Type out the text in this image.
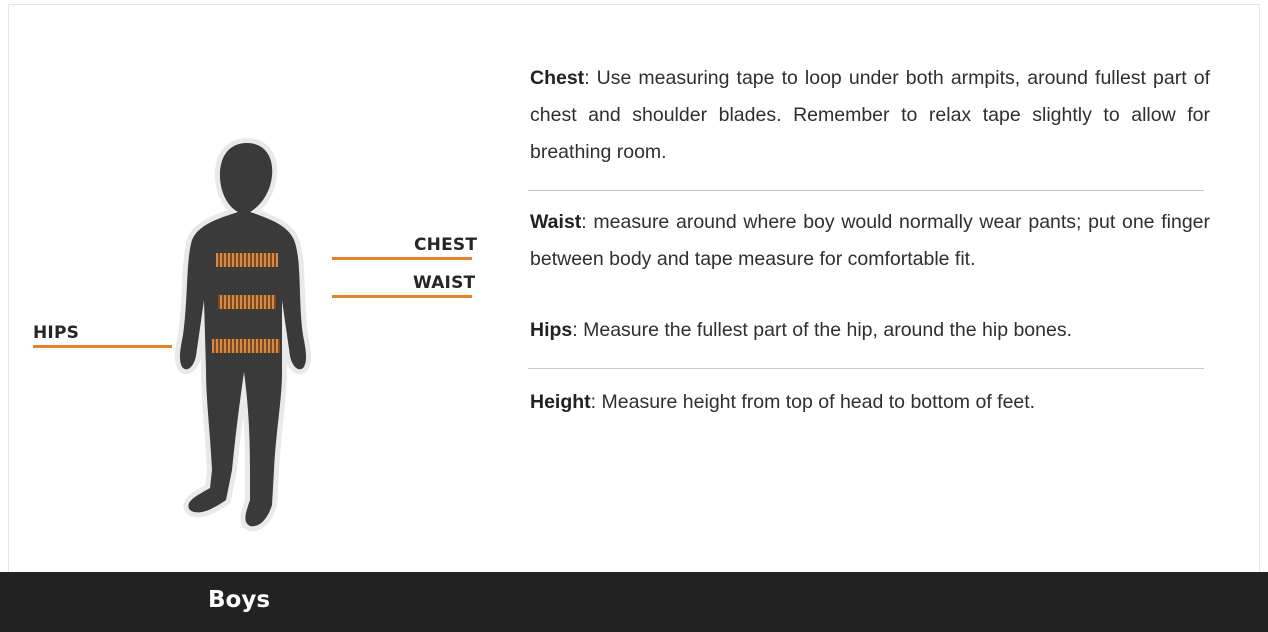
CHEST
WAIST
HIPS
Chest: Use measuring tape to loop under both armpits, around fullest part of chest and shoulder blades. Remember to relax tape slightly to allow for breathing room.
Waist: measure around where boy would normally wear pants; put one finger between body and tape measure for comfortable fit.
Hips: Measure the fullest part of the hip, around the hip bones.
Height: Measure height from top of head to bottom of feet.
Boys
